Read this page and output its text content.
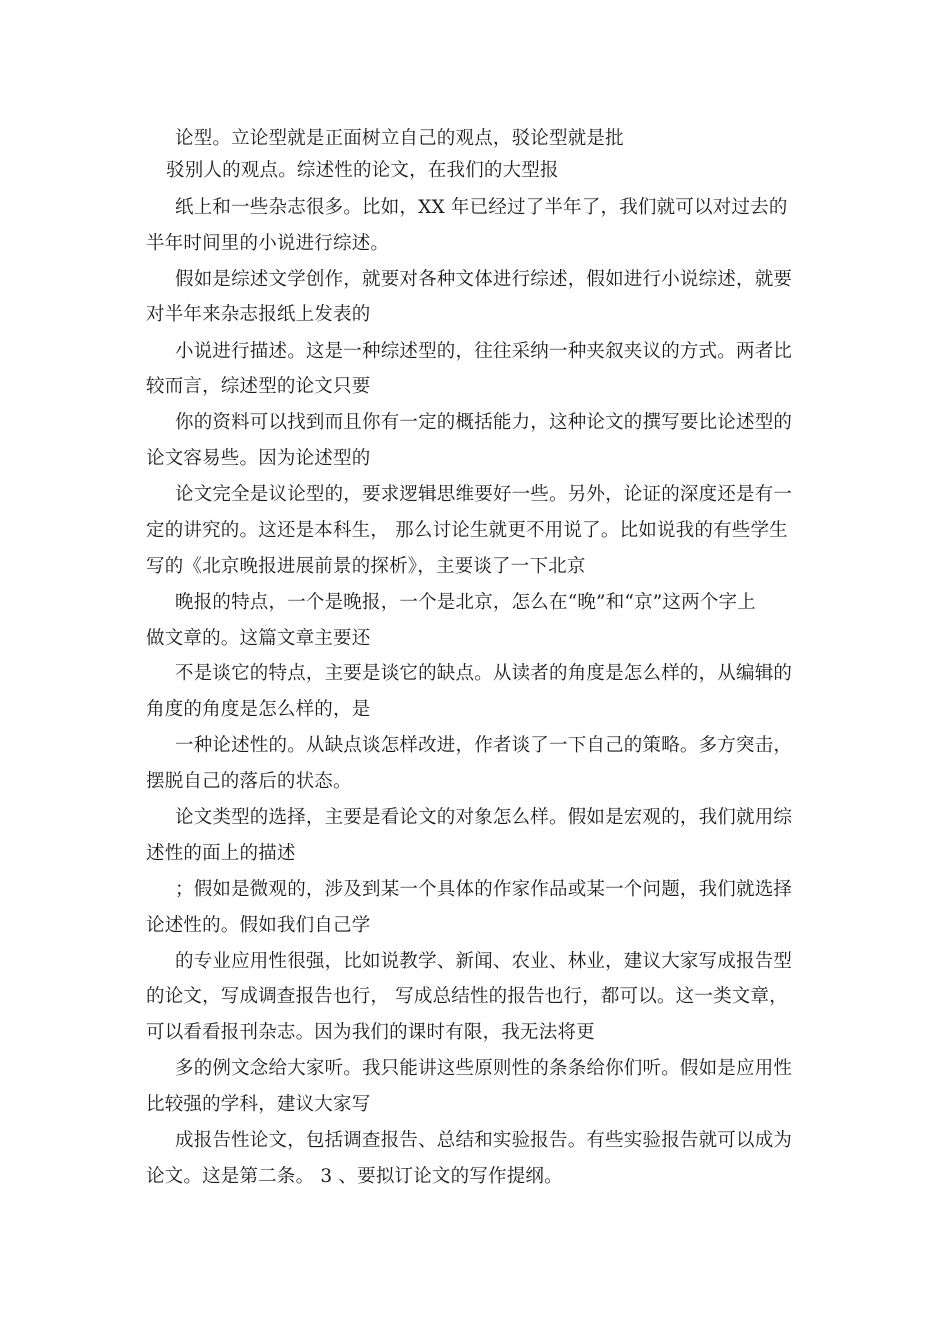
论型。立论型就是正面树立自己的观点，驳论型就是批
驳别人的观点。综述性的论文，在我们的大型报
纸上和一些杂志很多。比如，XX 年已经过了半年了，我们就可以对过去的
半年时间里的小说进行综述。
假如是综述文学创作，就要对各种文体进行综述，假如进行小说综述，就要
对半年来杂志报纸上发表的
小说进行描述。这是一种综述型的，往往采纳一种夹叙夹议的方式。两者比
较而言，综述型的论文只要
你的资料可以找到而且你有一定的概括能力，这种论文的撰写要比论述型的
论文容易些。因为论述型的
论文完全是议论型的，要求逻辑思维要好一些。另外，论证的深度还是有一
定的讲究的。这还是本科生， 那么讨论生就更不用说了。比如说我的有些学生
写的《北京晚报进展前景的探析》，主要谈了一下北京
晚报的特点，一个是晚报，一个是北京，怎么在“晚”和“京”这两个字上
做文章的。这篇文章主要还
不是谈它的特点，主要是谈它的缺点。从读者的角度是怎么样的，从编辑的
角度的角度是怎么样的，是
一种论述性的。从缺点谈怎样改进，作者谈了一下自己的策略。多方突击，
摆脱自己的落后的状态。
论文类型的选择，主要是看论文的对象怎么样。假如是宏观的，我们就用综
述性的面上的描述
；假如是微观的，涉及到某一个具体的作家作品或某一个问题，我们就选择
论述性的。假如我们自己学
的专业应用性很强，比如说教学、新闻、农业、林业，建议大家写成报告型
的论文，写成调查报告也行， 写成总结性的报告也行，都可以。这一类文章，
可以看看报刊杂志。因为我们的课时有限，我无法将更
多的例文念给大家听。我只能讲这些原则性的条条给你们听。假如是应用性
比较强的学科，建议大家写
成报告性论文，包括调查报告、总结和实验报告。有些实验报告就可以成为
论文。这是第二条。 3 、要拟订论文的写作提纲。
